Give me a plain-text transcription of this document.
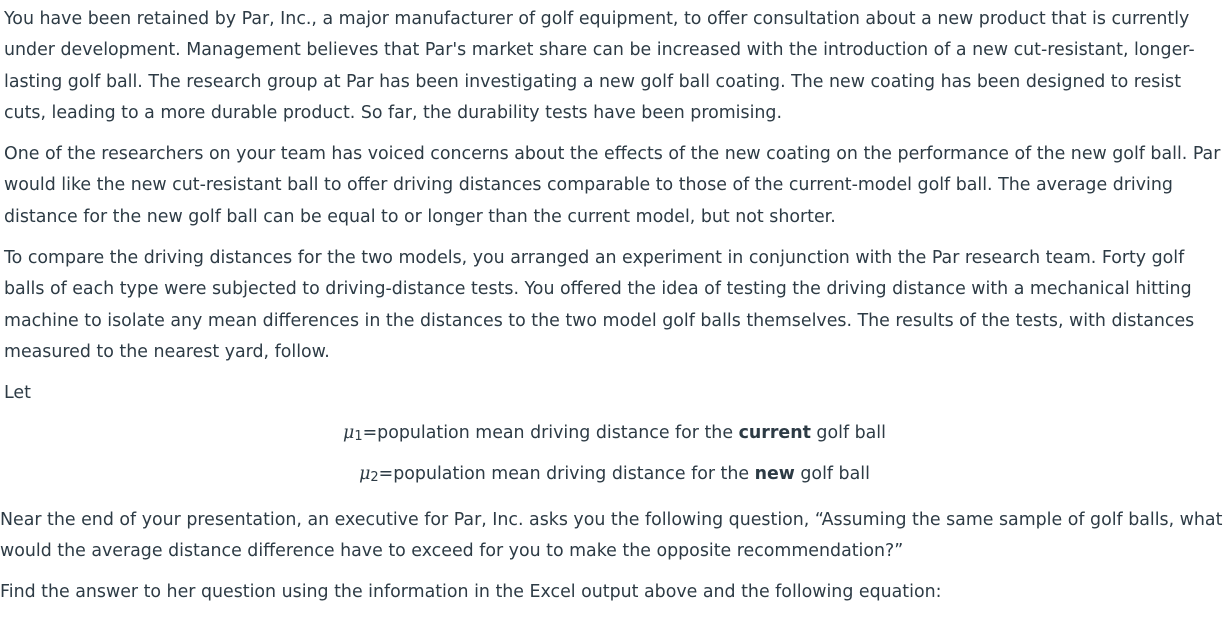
You have been retained by Par, Inc., a major manufacturer of golf equipment, to offer consultation about a new product that is currently under development. Management believes that Par's market share can be increased with the introduction of a new cut-resistant, longer-lasting golf ball. The research group at Par has been investigating a new golf ball coating. The new coating has been designed to resist cuts, leading to a more durable product. So far, the durability tests have been promising.

One of the researchers on your team has voiced concerns about the effects of the new coating on the performance of the new golf ball. Par would like the new cut-resistant ball to offer driving distances comparable to those of the current-model golf ball. The average driving distance for the new golf ball can be equal to or longer than the current model, but not shorter.

To compare the driving distances for the two models, you arranged an experiment in conjunction with the Par research team. Forty golf balls of each type were subjected to driving-distance tests. You offered the idea of testing the driving distance with a mechanical hitting machine to isolate any mean differences in the distances to the two model golf balls themselves. The results of the tests, with distances measured to the nearest yard, follow.

Let

μ1=population mean driving distance for the current golf ball

μ2=population mean driving distance for the new golf ball

Near the end of your presentation, an executive for Par, Inc. asks you the following question, “Assuming the same sample of golf balls, what would the average distance difference have to exceed for you to make the opposite recommendation?”

Find the answer to her question using the information in the Excel output above and the following equation:
